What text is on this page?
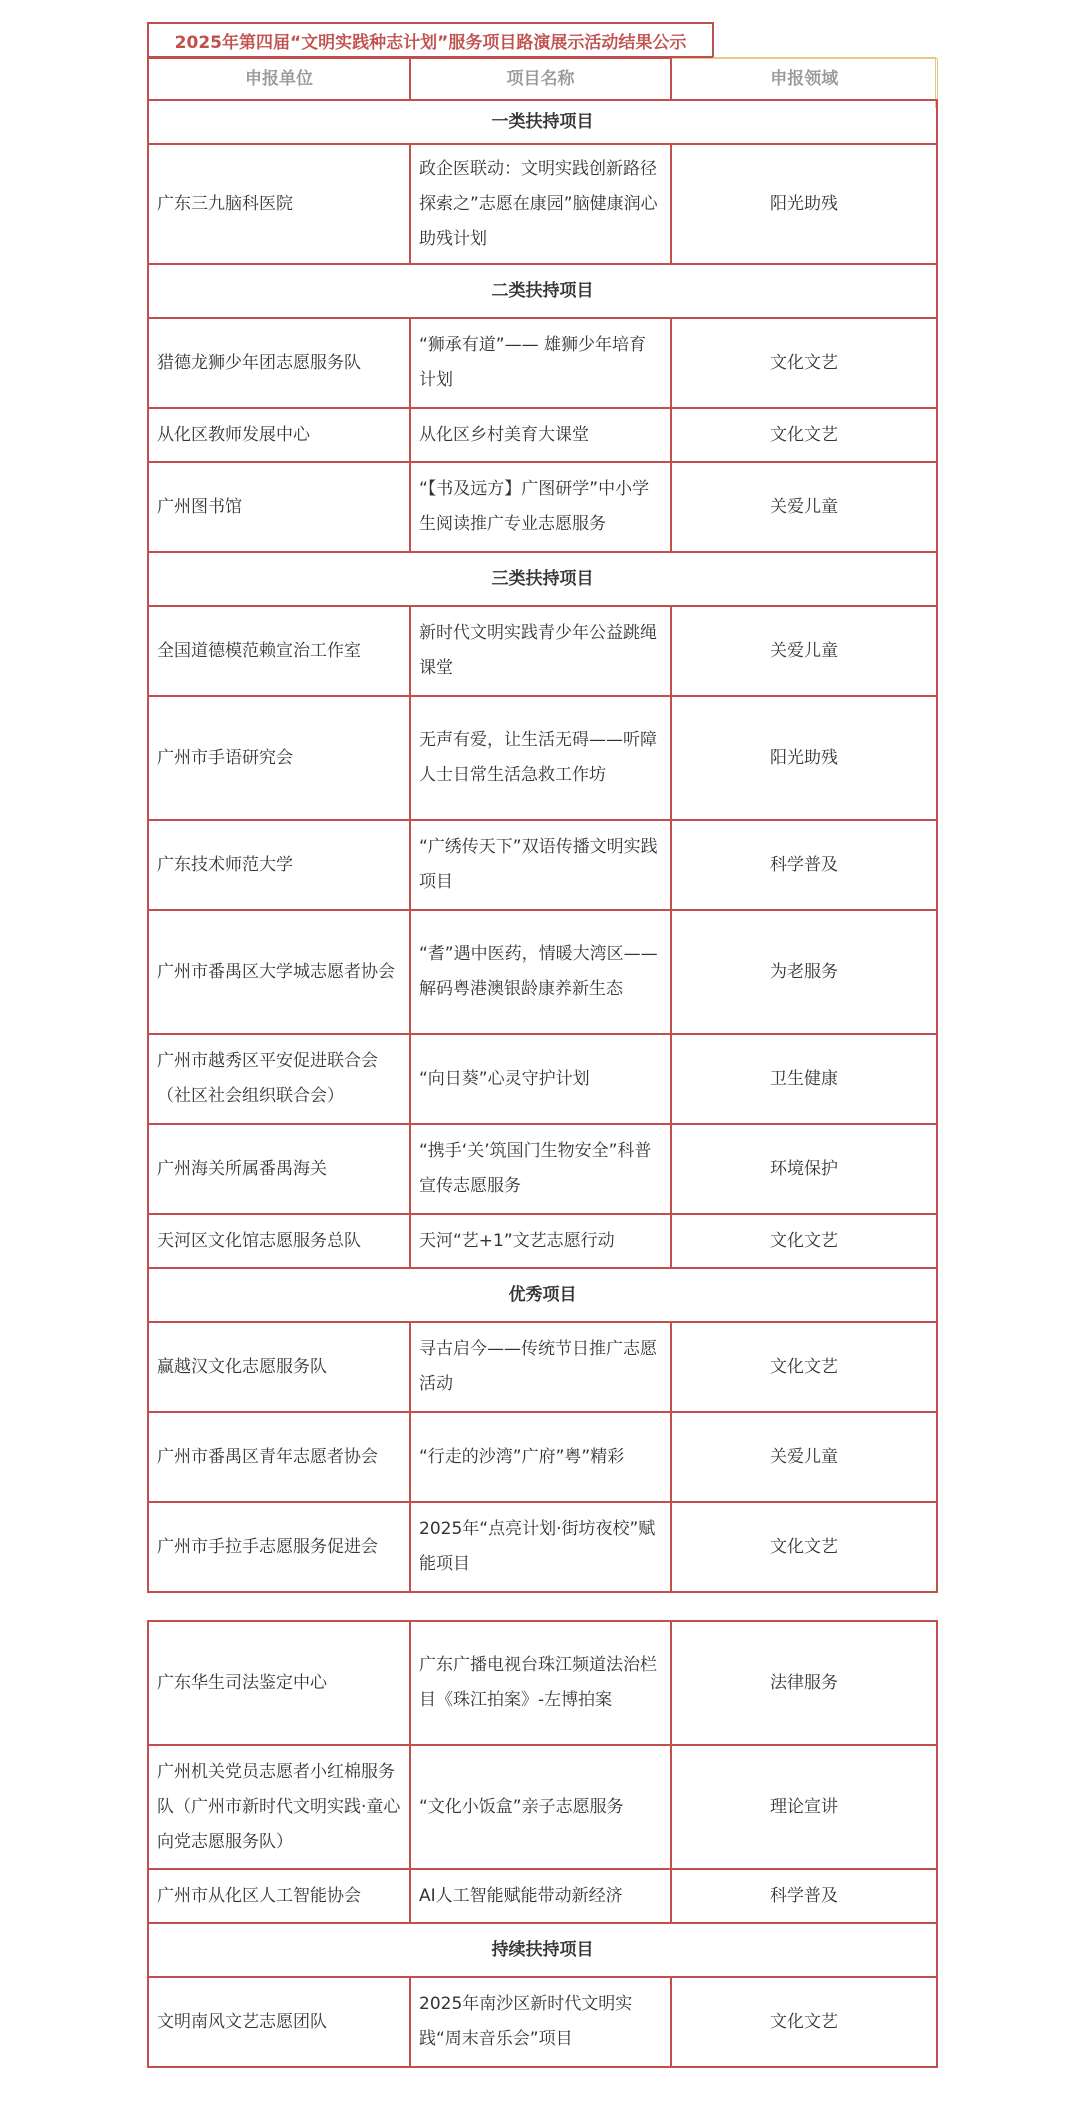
2025年第四届“文明实践种志计划”服务项目路演展示活动结果公示
申报单位	项目名称	申报领域
一类扶持项目		
广东三九脑科医院	政企医联动：文明实践创新路径探索之”志愿在康园”脑健康润心助残计划	阳光助残
二类扶持项目		
猎德龙狮少年团志愿服务队	“狮承有道”—— 雄狮少年培育计划	文化文艺
从化区教师发展中心	从化区乡村美育大课堂	文化文艺
广州图书馆	“【书及远方】广图研学”中小学生阅读推广专业志愿服务	关爱儿童
三类扶持项目		
全国道德模范赖宣治工作室	新时代文明实践青少年公益跳绳课堂	关爱儿童
广州市手语研究会	无声有爱，让生活无碍——听障人士日常生活急救工作坊	阳光助残
广东技术师范大学	“广绣传天下”双语传播文明实践项目	科学普及
广州市番禺区大学城志愿者协会	“耆”遇中医药，情暖大湾区——解码粤港澳银龄康养新生态	为老服务
广州市越秀区平安促进联合会（社区社会组织联合会）	“向日葵”心灵守护计划	卫生健康
广州海关所属番禺海关	“携手‘关’筑国门生物安全”科普宣传志愿服务	环境保护
天河区文化馆志愿服务总队	天河“艺+1”文艺志愿行动	文化文艺
优秀项目		
赢越汉文化志愿服务队	寻古启今——传统节日推广志愿活动	文化文艺
广州市番禺区青年志愿者协会	“行走的沙湾”广府”粤”精彩	关爱儿童
广州市手拉手志愿服务促进会	2025年“点亮计划·街坊夜校”赋能项目	文化文艺
广东华生司法鉴定中心	广东广播电视台珠江频道法治栏目《珠江拍案》-左博拍案	法律服务
广州机关党员志愿者小红棉服务队（广州市新时代文明实践·童心向党志愿服务队）	“文化小饭盒”亲子志愿服务	理论宣讲
广州市从化区人工智能协会	AI人工智能赋能带动新经济	科学普及
持续扶持项目		
文明南风文艺志愿团队	2025年南沙区新时代文明实践“周末音乐会”项目	文化文艺
